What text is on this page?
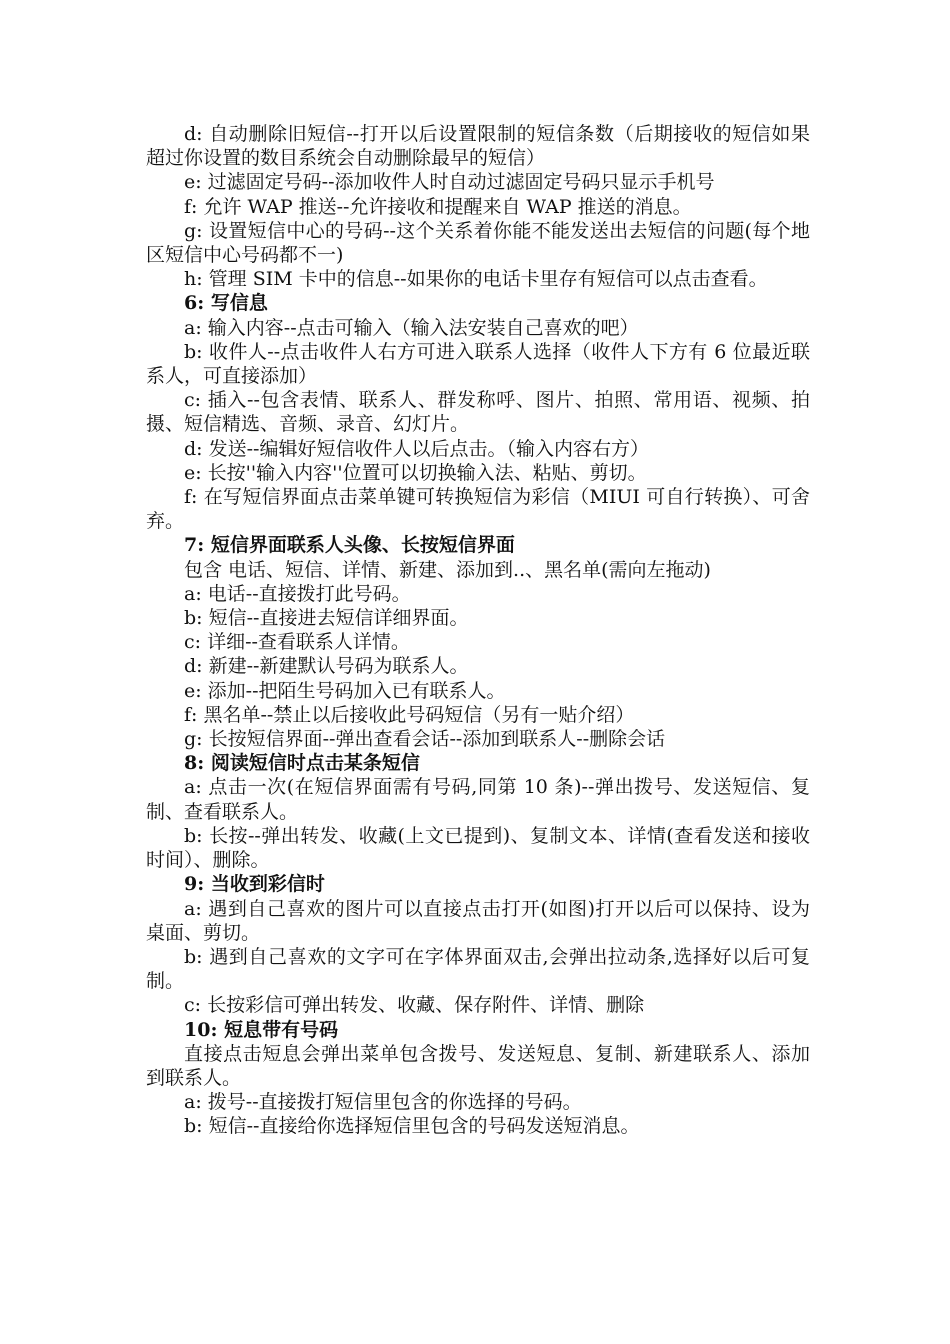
d: 自动删除旧短信--打开以后设置限制的短信条数（后期接收的短信如果超过你设置的数目系统会自动删除最早的短信）

e: 过滤固定号码--添加收件人时自动过滤固定号码只显示手机号

f: 允许 WAP 推送--允许接收和提醒来自 WAP 推送的消息。

g: 设置短信中心的号码--这个关系着你能不能发送出去短信的问题(每个地区短信中心号码都不一)

h: 管理 SIM 卡中的信息--如果你的电话卡里存有短信可以点击查看。

6: 写信息

a: 输入内容--点击可输入（输入法安装自己喜欢的吧）

b: 收件人--点击收件人右方可进入联系人选择（收件人下方有 6 位最近联系人，可直接添加）

c: 插入--包含表情、联系人、群发称呼、图片、拍照、常用语、视频、拍摄、短信精选、音频、录音、幻灯片。

d: 发送--编辑好短信收件人以后点击。（输入内容右方）

e: 长按''输入内容''位置可以切换输入法、粘贴、剪切。

f: 在写短信界面点击菜单键可转换短信为彩信（MIUI 可自行转换）、可舍弃。

7: 短信界面联系人头像、长按短信界面

包含 电话、短信、详情、新建、添加到..、黑名单(需向左拖动)

a: 电话--直接拨打此号码。

b: 短信--直接进去短信详细界面。

c: 详细--查看联系人详情。

d: 新建--新建默认号码为联系人。

e: 添加--把陌生号码加入已有联系人。

f: 黑名单--禁止以后接收此号码短信（另有一贴介绍）

g: 长按短信界面--弹出查看会话--添加到联系人--删除会话

8: 阅读短信时点击某条短信

a: 点击一次(在短信界面需有号码,同第 10 条)--弹出拨号、发送短信、复制、查看联系人。

b: 长按--弹出转发、收藏(上文已提到)、复制文本、详情(查看发送和接收时间）、删除。

9: 当收到彩信时

a: 遇到自己喜欢的图片可以直接点击打开(如图)打开以后可以保持、设为桌面、剪切。

b: 遇到自己喜欢的文字可在字体界面双击,会弹出拉动条,选择好以后可复制。

c: 长按彩信可弹出转发、收藏、保存附件、详情、删除

10: 短息带有号码

直接点击短息会弹出菜单包含拨号、发送短息、复制、新建联系人、添加到联系人。

a: 拨号--直接拨打短信里包含的你选择的号码。

b: 短信--直接给你选择短信里包含的号码发送短消息。
